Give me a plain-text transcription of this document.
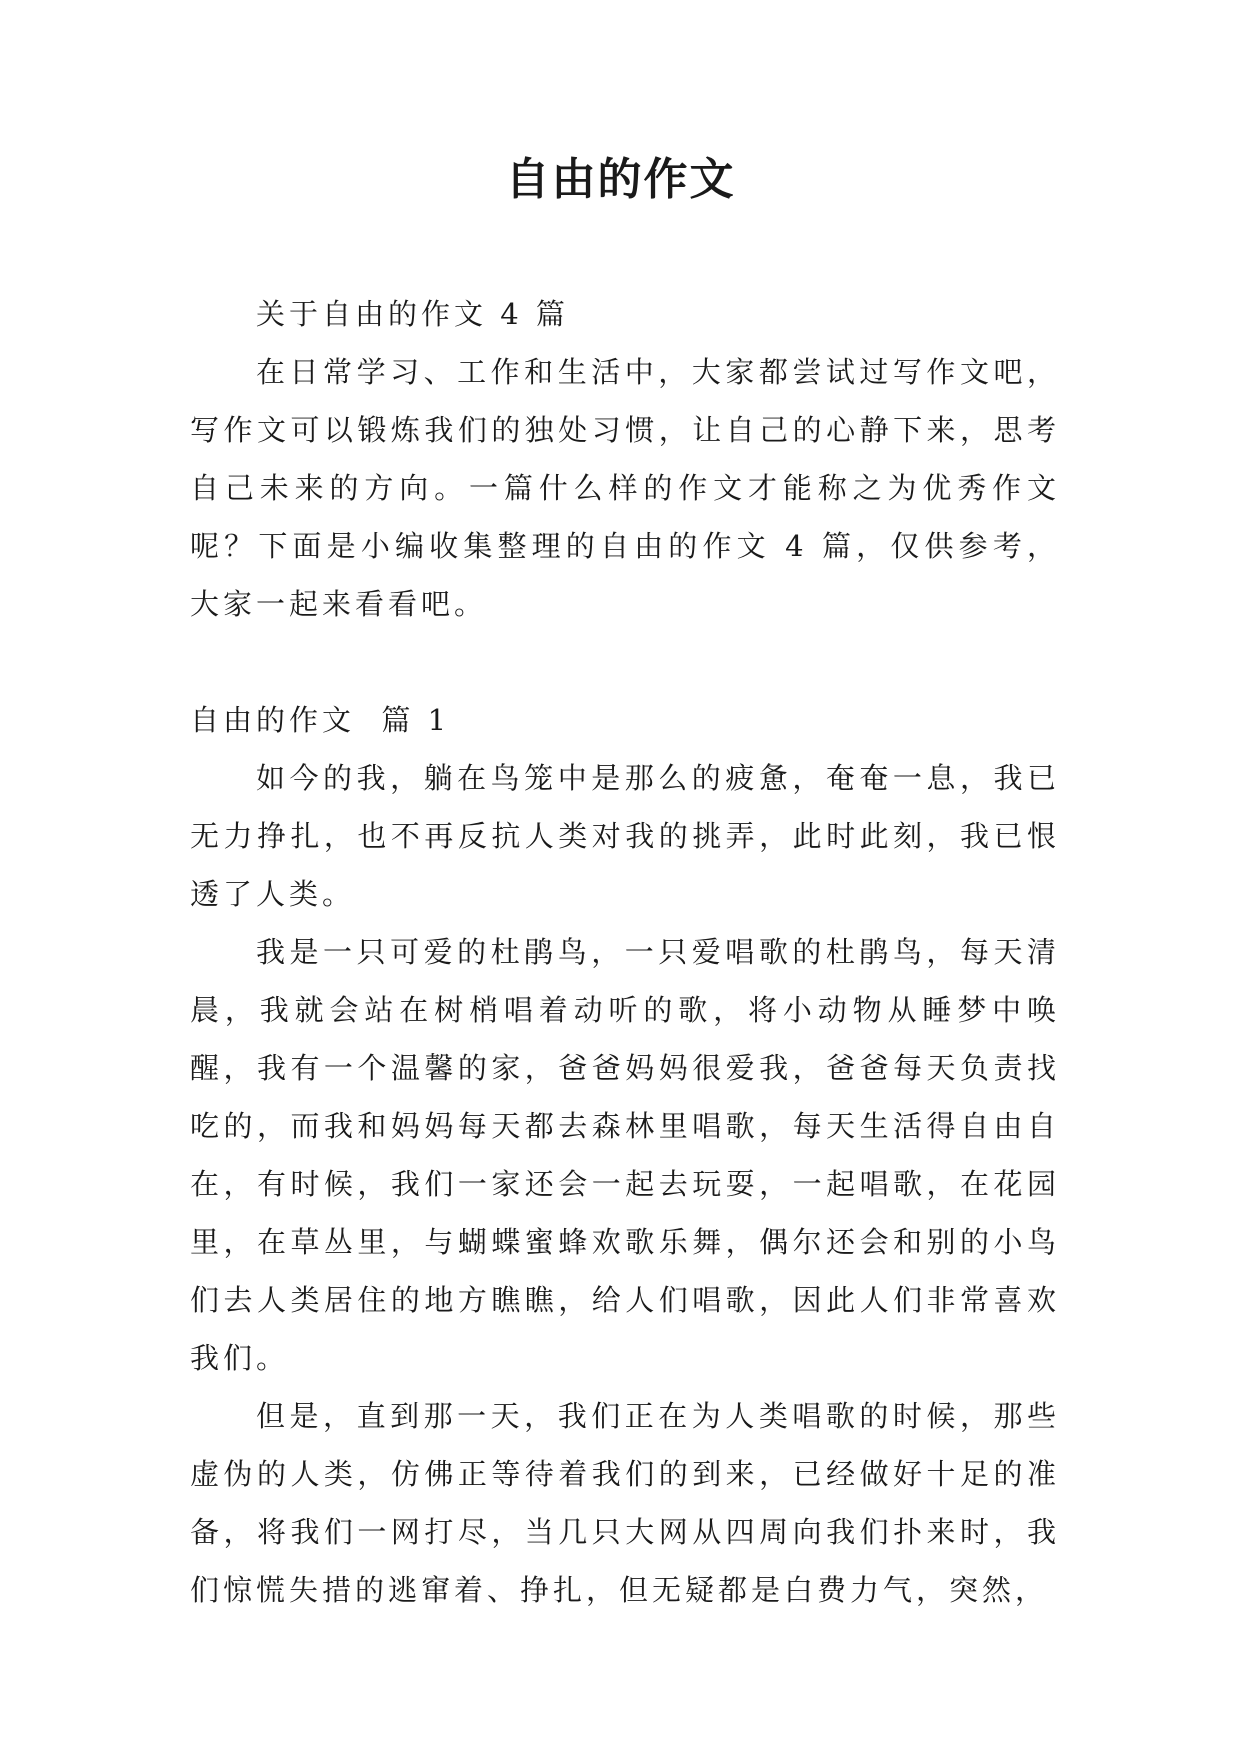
自由的作文

关于自由的作文 4 篇

在日常学习、工作和生活中，大家都尝试过写作文吧，写作文可以锻炼我们的独处习惯，让自己的心静下来，思考自己未来的方向。一篇什么样的作文才能称之为优秀作文呢？下面是小编收集整理的自由的作文 4 篇，仅供参考，大家一起来看看吧。

自由的作文  篇 1

如今的我，躺在鸟笼中是那么的疲惫，奄奄一息，我已无力挣扎，也不再反抗人类对我的挑弄，此时此刻，我已恨透了人类。

我是一只可爱的杜鹃鸟，一只爱唱歌的杜鹃鸟，每天清晨，我就会站在树梢唱着动听的歌，将小动物从睡梦中唤醒，我有一个温馨的家，爸爸妈妈很爱我，爸爸每天负责找吃的，而我和妈妈每天都去森林里唱歌，每天生活得自由自在，有时候，我们一家还会一起去玩耍，一起唱歌，在花园里，在草丛里，与蝴蝶蜜蜂欢歌乐舞，偶尔还会和别的小鸟们去人类居住的地方瞧瞧，给人们唱歌，因此人们非常喜欢我们。

但是，直到那一天，我们正在为人类唱歌的时候，那些虚伪的人类，仿佛正等待着我们的到来，已经做好十足的准备，将我们一网打尽，当几只大网从四周向我们扑来时，我们惊慌失措的逃窜着、挣扎，但无疑都是白费力气，突然，
